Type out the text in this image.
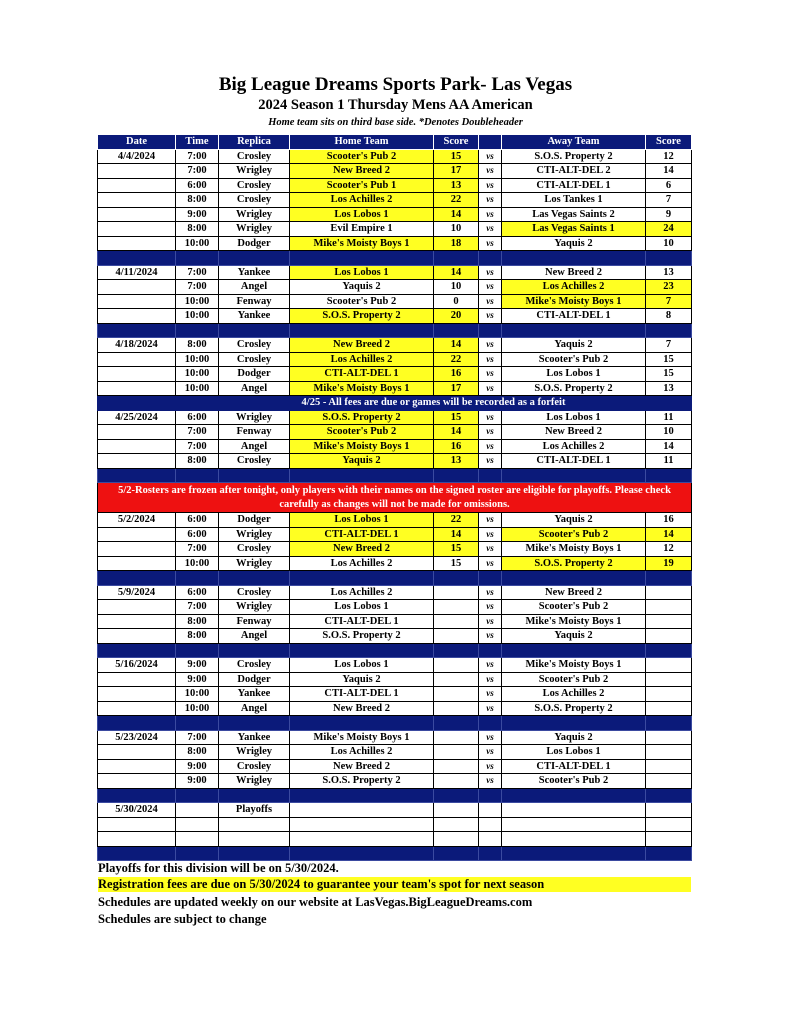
Big League Dreams Sports Park- Las Vegas
2024 Season 1 Thursday Mens AA American
Home team sits on third base side. *Denotes Doubleheader
Date	Time	Replica	Home Team	Score		Away Team	Score
4/4/2024	7:00	Crosley	Scooter's Pub 2	15	vs	S.O.S. Property 2	12
	7:00	Wrigley	New Breed 2	17	vs	CTI-ALT-DEL 2	14
	6:00	Crosley	Scooter's Pub 1	13	vs	CTI-ALT-DEL 1	6
	8:00	Crosley	Los Achilles 2	22	vs	Los Tankes 1	7
	9:00	Wrigley	Los Lobos 1	14	vs	Las Vegas Saints 2	9
	8:00	Wrigley	Evil Empire 1	10	vs	Las Vegas Saints 1	24
	10:00	Dodger	Mike's Moisty Boys 1	18	vs	Yaquis 2	10

4/11/2024	7:00	Yankee	Los Lobos 1	14	vs	New Breed 2	13
	7:00	Angel	Yaquis 2	10	vs	Los Achilles 2	23
	10:00	Fenway	Scooter's Pub 2	0	vs	Mike's Moisty Boys 1	7
	10:00	Yankee	S.O.S. Property 2	20	vs	CTI-ALT-DEL 1	8

4/18/2024	8:00	Crosley	New Breed 2	14	vs	Yaquis 2	7
	10:00	Crosley	Los Achilles 2	22	vs	Scooter's Pub 2	15
	10:00	Dodger	CTI-ALT-DEL 1	16	vs	Los Lobos 1	15
	10:00	Angel	Mike's Moisty Boys 1	17	vs	S.O.S. Property 2	13
	4/25 - All fees are due or games will be recorded as a forfeit						
4/25/2024	6:00	Wrigley	S.O.S. Property 2	15	vs	Los Lobos 1	11
	7:00	Fenway	Scooter's Pub 2	14	vs	New Breed 2	10
	7:00	Angel	Mike's Moisty Boys 1	16	vs	Los Achilles 2	14
	8:00	Crosley	Yaquis 2	13	vs	CTI-ALT-DEL 1	11

5/2-Rosters are frozen after tonight, only players with their names on the signed roster are eligible for playoffs. Please check carefully as changes will not be made for omissions.							
5/2/2024	6:00	Dodger	Los Lobos 1	22	vs	Yaquis 2	16
	6:00	Wrigley	CTI-ALT-DEL 1	14	vs	Scooter's Pub 2	14
	7:00	Crosley	New Breed 2	15	vs	Mike's Moisty Boys 1	12
	10:00	Wrigley	Los Achilles 2	15	vs	S.O.S. Property 2	19

5/9/2024	6:00	Crosley	Los Achilles 2		vs	New Breed 2	
	7:00	Wrigley	Los Lobos 1		vs	Scooter's Pub 2	
	8:00	Fenway	CTI-ALT-DEL 1		vs	Mike's Moisty Boys 1	
	8:00	Angel	S.O.S. Property 2		vs	Yaquis 2	

5/16/2024	9:00	Crosley	Los Lobos 1		vs	Mike's Moisty Boys 1	
	9:00	Dodger	Yaquis 2		vs	Scooter's Pub 2	
	10:00	Yankee	CTI-ALT-DEL 1		vs	Los Achilles 2	
	10:00	Angel	New Breed 2		vs	S.O.S. Property 2	

5/23/2024	7:00	Yankee	Mike's Moisty Boys 1		vs	Yaquis 2	
	8:00	Wrigley	Los Achilles 2		vs	Los Lobos 1	
	9:00	Crosley	New Breed 2		vs	CTI-ALT-DEL 1	
	9:00	Wrigley	S.O.S. Property 2		vs	Scooter's Pub 2	

5/30/2024		Playoffs					

Playoffs for this division will be on 5/30/2024.
Registration fees are due on 5/30/2024 to guarantee your team's spot for next season
Schedules are updated weekly on our website at LasVegas.BigLeagueDreams.com
Schedules are subject to change
